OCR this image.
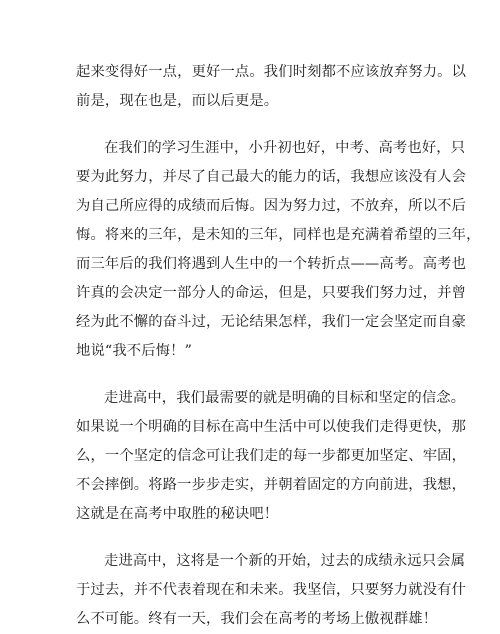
起来变得好一点，更好一点。我们时刻都不应该放弃努力。以
前是，现在也是，而以后更是。
在我们的学习生涯中，小升初也好，中考、高考也好，只
要为此努力，并尽了自己最大的能力的话，我想应该没有人会
为自己所应得的成绩而后悔。因为努力过，不放弃，所以不后
悔。将来的三年，是未知的三年，同样也是充满着希望的三年，
而三年后的我们将遇到人生中的一个转折点——高考。高考也
许真的会决定一部分人的命运，但是，只要我们努力过，并曾
经为此不懈的奋斗过，无论结果怎样，我们一定会坚定而自豪
地说“我不后悔！”
走进高中，我们最需要的就是明确的目标和坚定的信念。
如果说一个明确的目标在高中生活中可以使我们走得更快，那
么，一个坚定的信念可让我们走的每一步都更加坚定、牢固，
不会摔倒。将路一步步走实，并朝着固定的方向前进，我想，
这就是在高考中取胜的秘诀吧！
走进高中，这将是一个新的开始，过去的成绩永远只会属
于过去，并不代表着现在和未来。我坚信，只要努力就没有什
么不可能。终有一天，我们会在高考的考场上傲视群雄！
